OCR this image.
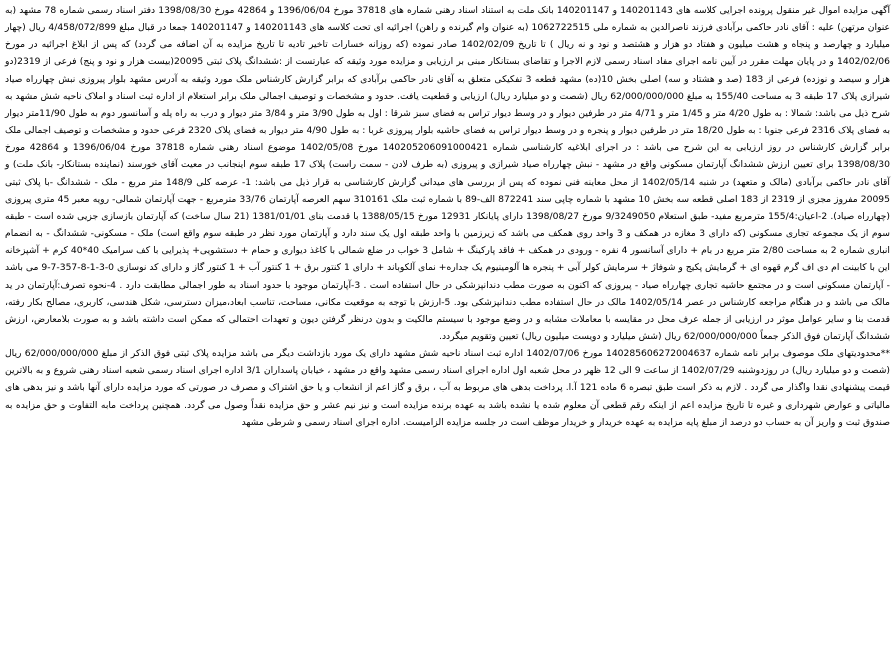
آگهی مزایده اموال غیر منقول پرونده اجرایی کلاسه های 140201143 و 140201147 بانک ملت به استناد اسناد رهنی شماره های 37818 مورخ 1396/06/04 و 42864 مورخ 1398/08/30 دفتر اسناد رسمی شماره 78 مشهد (به عنوان مرتهن) علیه : آقای نادر حاکمی برآبادی فرزند ناصرالدین به شماره ملی 1062722515 (به عنوان وام گیرنده و راهن) اجرائیه ای تحت کلاسه های 140201143 و 140201147 جمعا در قبال مبلغ 4/458/072/899 ریال (چهار میلیارد و چهارصد و پنجاه و هشت میلیون و هفتاد دو هزار و هشتصد و نود و نه ریال ) تا تاریخ 1402/02/09 صادر نموده (که روزانه خسارات تاخیر تادیه تا تاریخ مزایده به آن اضافه می گردد) که پس از ابلاغ اجرائیه در مورخ 1402/02/06 و در پایان مهلت مقرر در آیین نامه اجرای مفاد اسناد رسمی لازم الاجرا و تقاضای بستانکار مبنی بر ارزیابی و مزایده مورد وثیقه که عبارتست از :ششدانگ پلاک ثبتی 20095(بیست هزار و نود و پنج) فرعی از 2319(دو هزار و سیصد و نوزده) فرعی از 183 (صد و هشتاد و سه) اصلی بخش 10(ده) مشهد قطعه 3 تفکیکی متعلق به آقای نادر حاکمی برآبادی که برابر گزارش کارشناس ملک مورد وثیقه به آدرس مشهد بلوار پیروزی نبش چهارراه صیاد شیرازی پلاک 17 طبقه 3 به مساحت 155/40 به مبلغ 62/000/000/000 ریال (شصت و دو میلیارد ریال) ارزیابی و قطعیت یافت. حدود و مشخصات و توصیف اجمالی ملک برابر استعلام از اداره ثبت اسناد و املاک ناحیه شش مشهد به شرح ذیل می باشد: شمالا : به طول 4/20 متر و 1/45 متر و 4/71 متر در طرفین دیوار و در وسط دیوار تراس به فضای سبز شرقا : اول به طول 3/90 متر و 3/84 متر دیوار و درب به راه پله و آسانسور دوم به طول 11/90متر دیوار به فضای پلاک 2316 فرعی جنوبا : به طول 18/20 متر در طرفین دیوار و پنجره و در وسط دیوار تراس به فضای حاشیه بلوار پیروزی غربا : به طول 4/90 متر دیوار به فضای پلاک 2320 فرعی حدود و مشخصات و توصیف اجمالی ملک برابر گزارش کارشناس در روز ارزیابی به این شرح می باشد : در اجرای ابلاغیه کارشناسی شماره 140205206091000421 مورخ 1402/05/08 موضوع اسناد رهنی شماره 37818 مورخ 1396/06/04 و 42864 مورخ 1398/08/30 برای تعیین ارزش ششدانگ آپارتمان مسکونی واقع در مشهد - نبش چهارراه صیاد شیرازی و پیروزی (به طرف لادن - سمت راست) پلاک 17 طبقه سوم اینجانب در معیت آقای خورسند (نماینده بستانکار- بانک ملت) و آقای نادر حاکمی برآبادی (مالک و متعهد) در شنبه 1402/05/14 از محل معاینه فنی نموده که پس از بررسی های میدانی گزارش کارشناسی به قرار ذیل می باشد: 1- عرصه کلی 148/9 متر مربع - ملک - ششدانگ -با پلاک ثبتی 20095 مفروز مجزی از 2319 از 183 اصلی قطعه سه بخش 10 مشهد با شماره چاپی سند 872241 الف-89 با شماره ثبت ملک 310161 سهم العرصه آپارتمان 33/76 مترمربع - جهت آپارتمان شمالی- رویه معبر 45 متری پیروزی (چهارراه صیاد). 2-اعیان:155/4 مترمربع مفید- طبق استعلام 9/3249050 مورخ 1398/08/27 دارای پایانکار 12931 مورخ 1388/05/15 با قدمت بنای 1381/01/01 (21 سال ساخت) که آپارتمان بازسازی جزیی شده است - طبقه سوم از یک مجموعه تجاری مسکونی (که دارای 3 مغازه در همکف و 3 واحد روی همکف می باشد که زیرزمین با واحد طبقه اول یک سند دارد و آپارتمان مورد نظر در طبقه سوم واقع است) ملک - مسکونی- ششدانگ - به انضمام انباری شماره 2 به مساحت 2/80 متر مربع در بام + دارای آسانسور 4 نفره - ورودی در همکف + فاقد پارکینگ + شامل 3 خواب در ضلع شمالی با کاغذ دیواری و حمام + دستشویی+ پذیرایی با کف سرامیک 40*40 کرم + آشپزخانه این با کابینت ام دی اف گرم قهوه ای + گرمایش پکیج و شوفاژ + سرمایش کولر آبی + پنجره ها آلومینیوم یک جداره+ نمای آلکوباند + دارای 1 کنتور برق + 1 کنتور آب + 1 کنتور گاز و دارای کد نوسازی 0-3-1-8-357-7-9 می باشد - آپارتمان مسکونی است و در مجتمع حاشیه تجاری چهارراه صیاد - پیروزی که اکنون به صورت مطب دندانپزشکی در حال استفاده است . 3-آپارتمان موجود با حدود اسناد به طور اجمالی مطابقت دارد . 4-نحوه تصرف:آپارتمان در ید مالک می باشد و در هنگام مراجعه کارشناس در عصر 1402/05/14 مالک در حال استفاده مطب دندانپزشکی بود. 5-ارزش با توجه به موقعیت مکانی، مساحت، تناسب ابعاد،میزان دسترسی، شکل هندسی، کاربری، مصالح بکار رفته، قدمت بنا و سایر عوامل موثر در ارزیابی از جمله عرف محل در مقایسه با معاملات مشابه و در وضع موجود با سیستم مالکیت و بدون درنظر گرفتن دیون و تعهدات احتمالی که ممکن است داشته باشد و به صورت بلامعارض، ارزش ششدانگ آپارتمان فوق الذکر جمعاً 62/000/000/000 ریال (شش میلیارد و دویست میلیون ریال) تعیین وتقویم میگردد.

**محدودیتهای ملک موصوف برابر نامه شماره 140285606272004637 مورخ 1402/07/06 اداره ثبت اسناد ناحیه شش مشهد دارای یک مورد بازداشت دیگر می باشد مزایده پلاک ثبتی فوق الذکر از مبلغ 62/000/000/000 ریال (شصت و دو میلیارد ریال) در روزدوشنبه 1402/07/29 از ساعت 9 الی 12 ظهر در محل شعبه اول اداره اجرای اسناد رسمی مشهد واقع در مشهد ، خیابان پاسداران 3/1 اداره اجرای اسناد رسمی شعبه اسناد رهنی شروع و به بالاترین قیمت پیشنهادی نقدا واگذار می گردد . لازم به ذکر است طبق تبصره 6 ماده 121 آ.ا. پرداخت بدهی های مربوط به آب ، برق و گاز اعم از انشعاب و یا حق اشتراک و مصرف در صورتی که مورد مزایده دارای آنها باشد و نیز بدهی های مالیاتی و عوارض شهرداری و غیره تا تاریخ مزایده اعم از اینکه رقم قطعی آن معلوم شده یا نشده باشد به عهده برنده مزایده است و نیز نیم عشر و حق مزایده نقداً وصول می گردد. همچنین پرداخت مابه التفاوت و حق مزایده به صندوق ثبت و واریز آن به حساب دو درصد از مبلغ پایه مزایده به عهده خریدار و خریدار موظف است در جلسه مزایده الزامیست. اداره اجرای اسناد رسمی و شرطی مشهد
